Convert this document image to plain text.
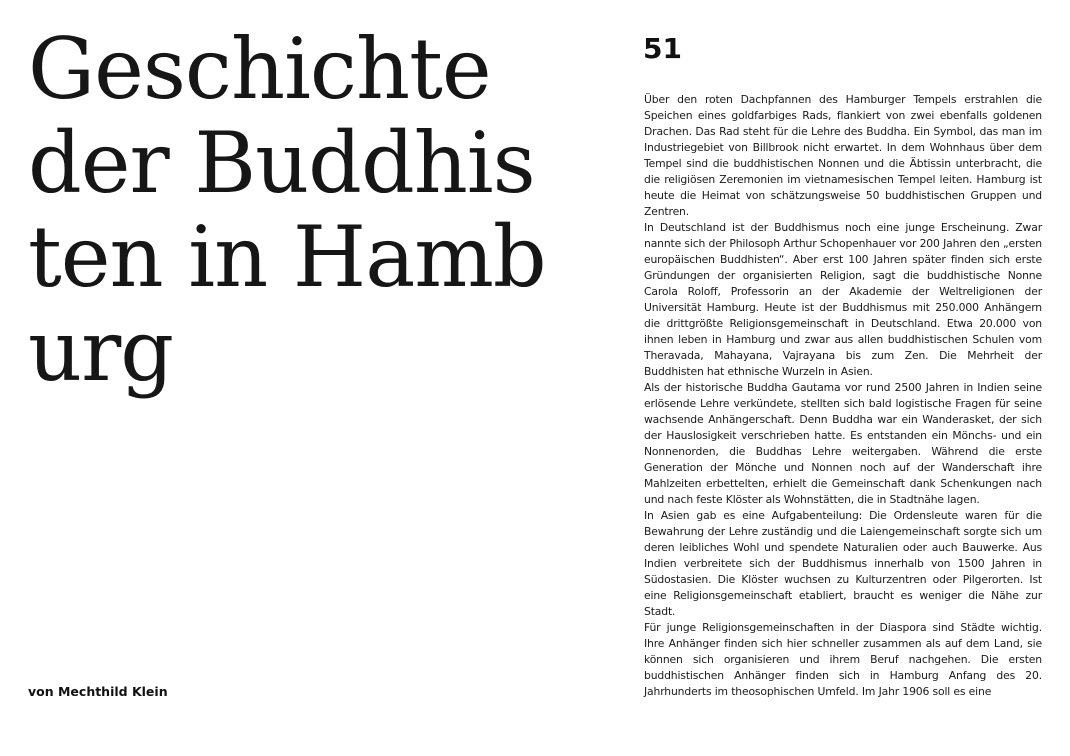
Geschichte
der Buddhis
ten in Hamb
urg
von Mechthild Klein
51

Über den roten Dachpfannen des Hamburger Tempels erstrahlen die Speichen eines goldfarbiges Rads, flankiert von zwei ebenfalls goldenen Drachen. Das Rad steht für die Lehre des Buddha. Ein Symbol, das man im Industriegebiet von Billbrook nicht erwartet. In dem Wohnhaus über dem Tempel sind die buddhistischen Nonnen und die Äbtissin unterbracht, die die religiösen Zeremonien im vietnamesischen Tempel leiten. Hamburg ist heute die Heimat von schätzungsweise 50 buddhistischen Gruppen und Zentren.

In Deutschland ist der Buddhismus noch eine junge Erscheinung. Zwar nannte sich der Philosoph Arthur Schopenhauer vor 200 Jahren den „ersten europäischen Buddhisten“. Aber erst 100 Jahren später finden sich erste Gründungen der organisierten Religion, sagt die buddhistische Nonne Carola Roloff, Professorin an der Akademie der Weltreligionen der Universität Hamburg. Heute ist der Buddhismus mit 250.000 Anhängern die drittgrößte Religionsgemeinschaft in Deutschland. Etwa 20.000 von ihnen leben in Hamburg und zwar aus allen buddhistischen Schulen vom Theravada, Mahayana, Vajrayana bis zum Zen. Die Mehrheit der Buddhisten hat ethnische Wurzeln in Asien.

Als der historische Buddha Gautama vor rund 2500 Jahren in Indien seine erlösende Lehre verkündete, stellten sich bald logistische Fragen für seine wachsende Anhängerschaft. Denn Buddha war ein Wanderasket, der sich der Hauslosigkeit verschrieben hatte. Es entstanden ein Mönchs- und ein Nonnenorden, die Buddhas Lehre weitergaben. Während die erste Generation der Mönche und Nonnen noch auf der Wanderschaft ihre Mahlzeiten erbettelten, erhielt die Gemeinschaft dank Schenkungen nach und nach feste Klöster als Wohnstätten, die in Stadtnähe lagen.

In Asien gab es eine Aufgabenteilung: Die Ordensleute waren für die Bewahrung der Lehre zuständig und die Laiengemeinschaft sorgte sich um deren leibliches Wohl und spendete Naturalien oder auch Bauwerke. Aus Indien verbreitete sich der Buddhismus innerhalb von 1500 Jahren in Südostasien. Die Klöster wuchsen zu Kulturzentren oder Pilgerorten. Ist eine Religionsgemeinschaft etabliert, braucht es weniger die Nähe zur Stadt.

Für junge Religionsgemeinschaften in der Diaspora sind Städte wichtig. Ihre Anhänger finden sich hier schneller zusammen als auf dem Land, sie können sich organisieren und ihrem Beruf nachgehen. Die ersten buddhistischen Anhänger finden sich in Hamburg Anfang des 20. Jahrhunderts im theosophischen Umfeld. Im Jahr 1906 soll es eine
